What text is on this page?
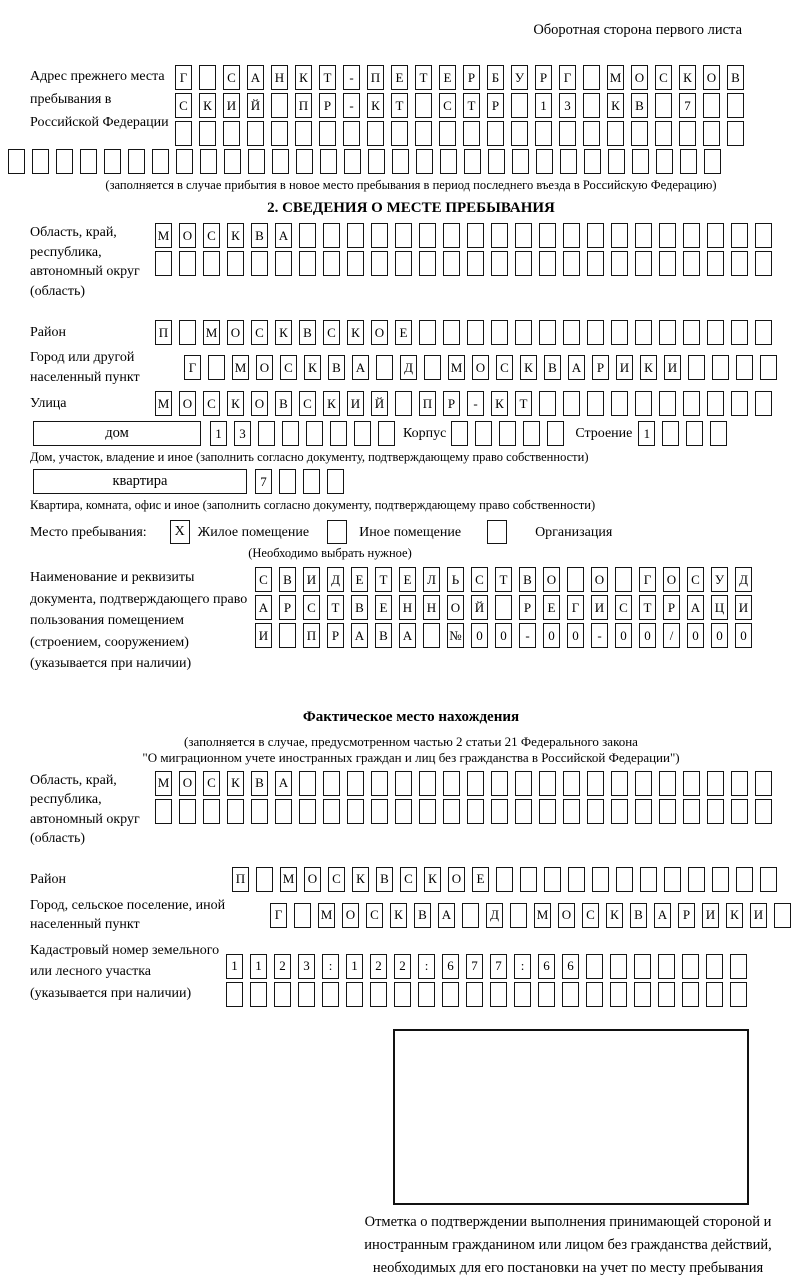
Оборотная сторона первого листа
Адрес прежнего места пребывания в Российской Федерации
Г	С	А Н	К	Т	-	П	Е	Т	Е	Р	Б	У	Р	Г	М О	С	К	О	В
С	К	И Й	П	Р	-	К	Т	С	Т	Р	1	3	К	В	7
(заполняется в случае прибытия в новое место пребывания в период последнего въезда в Российскую Федерацию)
2. СВЕДЕНИЯ О МЕСТЕ ПРЕБЫВАНИЯ
Область, край, республика, автономный округ (область)
М О	С	К	В	А
Район	П	М О	С	К	В	С	К	О	Е
Город или другой населенный пункт
Г	М О	С	К	В	А	Д	М О	С	К	В	А	Р	И	К	И
Улица	М О	С	К	О	В	С	К	И Й	П	Р	-	К	Т
дом	1	3	Корпус	Строение 1
Дом, участок, владение и иное (заполнить согласно документу, подтверждающему право собственности)
квартира	7
Квартира, комната, офис и иное (заполнить согласно документу, подтверждающему право собственности)
Место пребывания:	X Жилое помещение	Иное помещение	Организация
(Необходимо выбрать нужное)
Наименование и реквизиты документа, подтверждающего право пользования помещением (строением, сооружением) (указывается при наличии)
С	В	И	Д	Е	Т	Е	Л	Ь	С	Т	В	О	О	Г	О	С	У	Д
А	Р	С	Т	В	Е	Н Н О Й	Р	Е	Г	И	С	Т	Р	А Ц И
И	П	Р	А	В	А	№	0	0	-	0	0	-	0	0	/	0	0	0
Фактическое место нахождения
(заполняется в случае, предусмотренном частью 2 статьи 21 Федерального закона
"О миграционном учете иностранных граждан и лиц без гражданства в Российской Федерации")
Область, край, республика, автономный округ (область)
М О	С	К	В	А
Район	П	М О	С	К	В	С	К	О	Е
Город, сельское поселение, иной населенный пункт
Г	М О	С	К	В	А	Д	М О	С	К	В	А	Р	И	К	И
Кадастровый номер земельного или лесного участка (указывается при наличии)
1	1	2	3	:	1	2	2	:	6	7	7	:	6	6
Отметка о подтверждении выполнения принимающей стороной и иностранным гражданином или лицом без гражданства действий, необходимых для его постановки на учет по месту пребывания
